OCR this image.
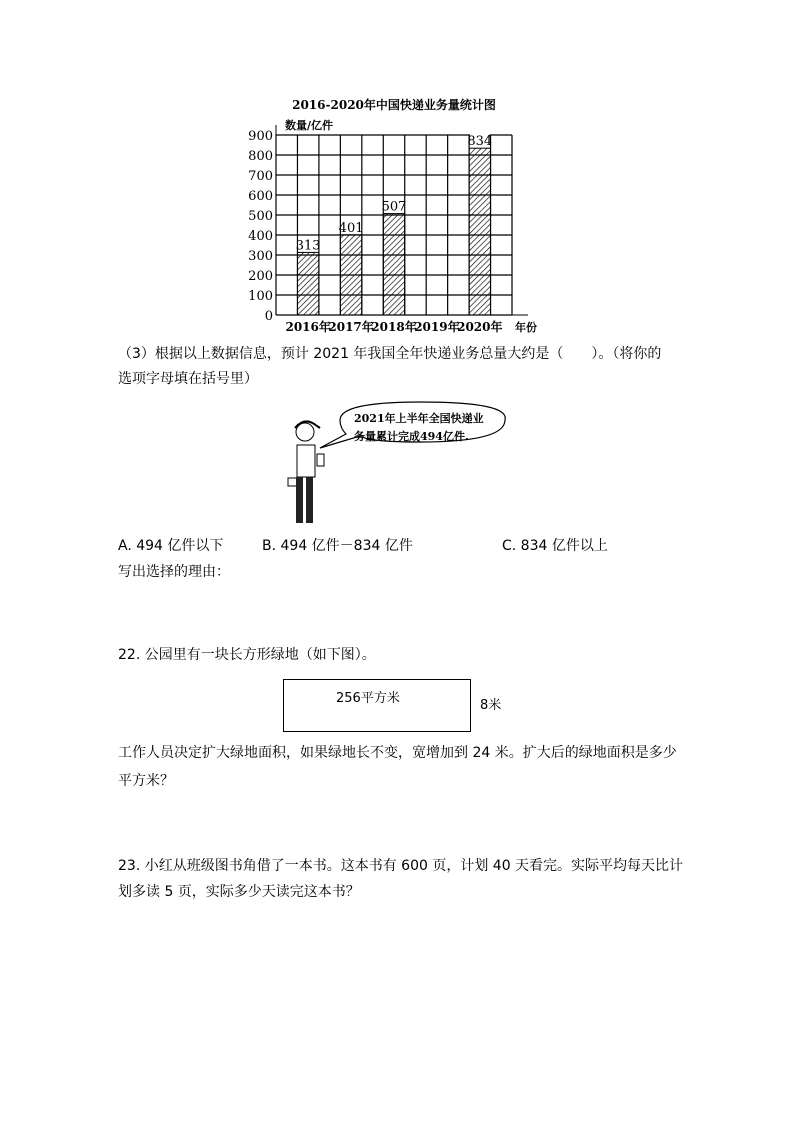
2016-2020年中国快递业务量统计图
数量/亿件
年份
0
100
200
300
400
500
600
700
800
900
313
2016年
401
2017年
507
2018年
2019年
834
2020年
（3）根据以上数据信息，预计 2021 年我国全年快递业务总量大约是（　　）。（将你的
选项字母填在括号里）
2021年上半年全国快递业
务量累计完成494亿件.
A. 494 亿件以下	B. 494 亿件－834 亿件	C. 834 亿件以上
写出选择的理由：
22. 公园里有一块长方形绿地（如下图）。
256平方米	8米
工作人员决定扩大绿地面积，如果绿地长不变，宽增加到 24 米。扩大后的绿地面积是多少
平方米？
23. 小红从班级图书角借了一本书。这本书有 600 页，计划 40 天看完。实际平均每天比计
划多读 5 页，实际多少天读完这本书？
